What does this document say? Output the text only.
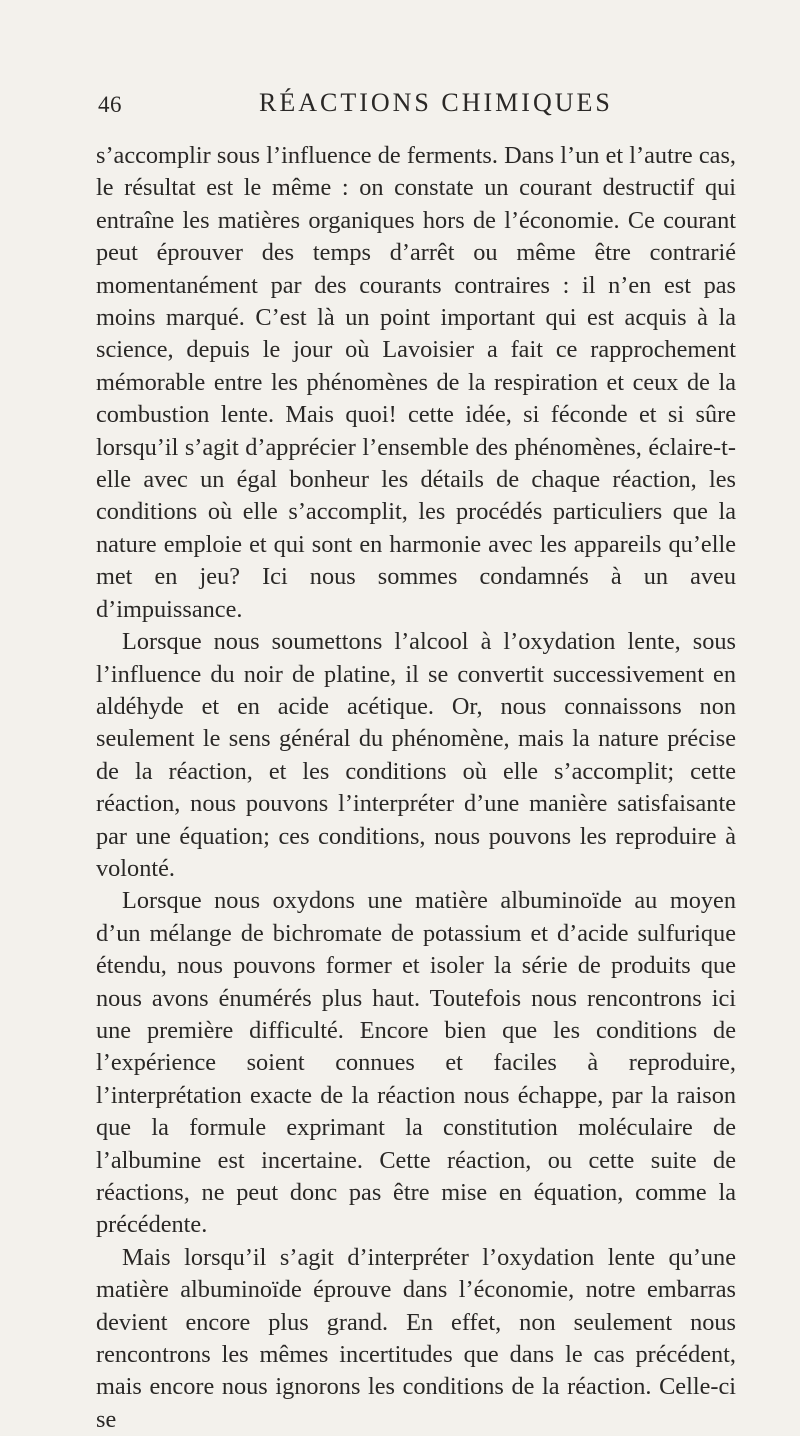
46	RÉACTIONS CHIMIQUES

s’accomplir sous l’influence de ferments. Dans l’un et l’autre cas, le résultat est le même : on constate un courant destructif qui entraîne les matières organiques hors de l’économie. Ce courant peut éprouver des temps d’arrêt ou même être contrarié momentanément par des courants contraires : il n’en est pas moins marqué. C’est là un point important qui est acquis à la science, depuis le jour où Lavoisier a fait ce rapprochement mémorable entre les phénomènes de la respiration et ceux de la combustion lente. Mais quoi! cette idée, si féconde et si sûre lorsqu’il s’agit d’apprécier l’ensemble des phénomènes, éclaire-t-elle avec un égal bonheur les détails de chaque réaction, les conditions où elle s’accomplit, les procédés particuliers que la nature emploie et qui sont en harmonie avec les appareils qu’elle met en jeu? Ici nous sommes condamnés à un aveu d’impuissance.

Lorsque nous soumettons l’alcool à l’oxydation lente, sous l’influence du noir de platine, il se convertit successivement en aldéhyde et en acide acétique. Or, nous connaissons non seulement le sens général du phénomène, mais la nature précise de la réaction, et les conditions où elle s’accomplit; cette réaction, nous pouvons l’interpréter d’une manière satisfaisante par une équation; ces conditions, nous pouvons les reproduire à volonté.

Lorsque nous oxydons une matière albuminoïde au moyen d’un mélange de bichromate de potassium et d’acide sulfurique étendu, nous pouvons former et isoler la série de produits que nous avons énumérés plus haut. Toutefois nous rencontrons ici une première difficulté. Encore bien que les conditions de l’expérience soient connues et faciles à reproduire, l’interprétation exacte de la réaction nous échappe, par la raison que la formule exprimant la constitution moléculaire de l’albumine est incertaine. Cette réaction, ou cette suite de réactions, ne peut donc pas être mise en équation, comme la précédente.

Mais lorsqu’il s’agit d’interpréter l’oxydation lente qu’une matière albuminoïde éprouve dans l’économie, notre embarras devient encore plus grand. En effet, non seulement nous rencontrons les mêmes incertitudes que dans le cas précédent, mais encore nous ignorons les conditions de la réaction. Celle-ci se
